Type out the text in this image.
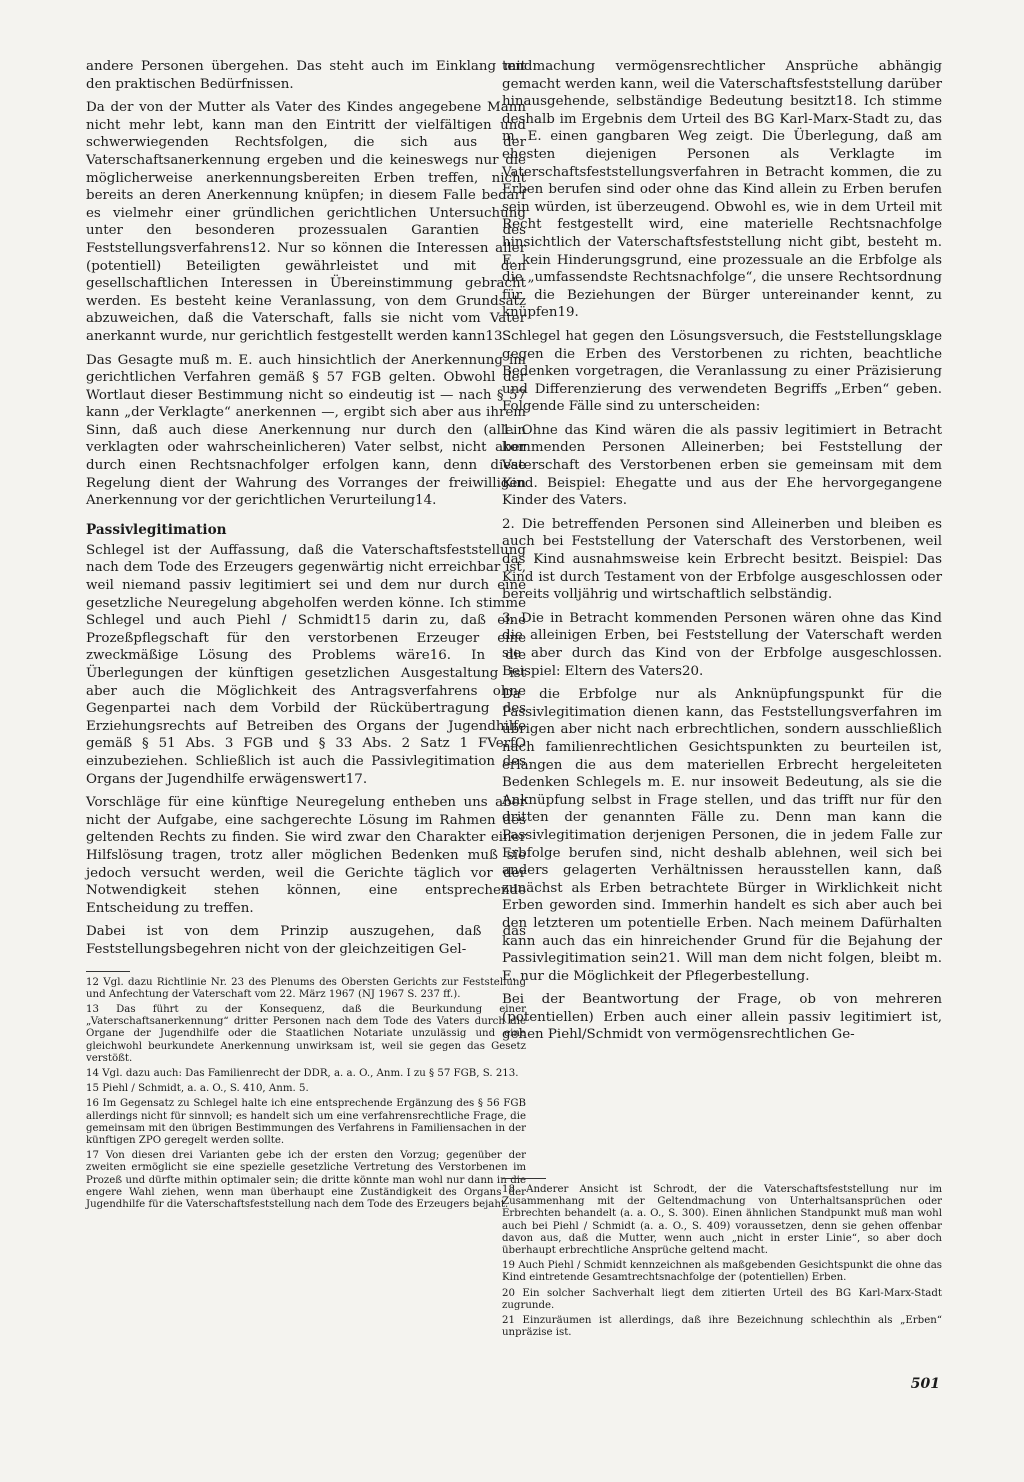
andere Personen übergehen. Das steht auch im Einklang mit den praktischen Bedürfnissen.

Da der von der Mutter als Vater des Kindes angegebene Mann nicht mehr lebt, kann man den Eintritt der vielfältigen und schwerwiegenden Rechtsfolgen, die sich aus der Vaterschaftsanerkennung ergeben und die keineswegs nur die möglicherweise anerkennungsbereiten Erben treffen, nicht bereits an deren Anerkennung knüpfen; in diesem Falle bedarf es vielmehr einer gründlichen gerichtlichen Untersuchung unter den besonderen prozessualen Garantien des Feststellungsverfahrens12. Nur so können die Interessen aller (potentiell) Beteiligten gewährleistet und mit den gesellschaftlichen Interessen in Übereinstimmung gebracht werden. Es besteht keine Veranlassung, von dem Grundsatz abzuweichen, daß die Vaterschaft, falls sie nicht vom Vater anerkannt wurde, nur gerichtlich festgestellt werden kann13.

Das Gesagte muß m. E. auch hinsichtlich der Anerkennung im gerichtlichen Verfahren gemäß § 57 FGB gelten. Obwohl der Wortlaut dieser Bestimmung nicht so eindeutig ist — nach § 57 kann „der Verklagte“ anerkennen —, ergibt sich aber aus ihrem Sinn, daß auch diese Anerkennung nur durch den (allein verklagten oder wahrscheinlicheren) Vater selbst, nicht aber durch einen Rechtsnachfolger erfolgen kann, denn diese Regelung dient der Wahrung des Vorranges der freiwilligen Anerkennung vor der gerichtlichen Verurteilung14.

Passivlegitimation

Schlegel ist der Auffassung, daß die Vaterschaftsfeststellung nach dem Tode des Erzeugers gegenwärtig nicht erreichbar ist, weil niemand passiv legitimiert sei und dem nur durch eine gesetzliche Neuregelung abgeholfen werden könne. Ich stimme Schlegel und auch Piehl / Schmidt15 darin zu, daß eine Prozeßpflegschaft für den verstorbenen Erzeuger eine zweckmäßige Lösung des Problems wäre16. In die Überlegungen der künftigen gesetzlichen Ausgestaltung ist aber auch die Möglichkeit des Antragsverfahrens ohne Gegenpartei nach dem Vorbild der Rückübertragung des Erziehungsrechts auf Betreiben des Organs der Jugendhilfe gemäß § 51 Abs. 3 FGB und § 33 Abs. 2 Satz 1 FVerfO einzubeziehen. Schließlich ist auch die Passivlegitimation des Organs der Jugendhilfe erwägenswert17.

Vorschläge für eine künftige Neuregelung entheben uns aber nicht der Aufgabe, eine sachgerechte Lösung im Rahmen des geltenden Rechts zu finden. Sie wird zwar den Charakter einer Hilfslösung tragen, trotz aller möglichen Bedenken muß sie jedoch versucht werden, weil die Gerichte täglich vor der Notwendigkeit stehen können, eine entsprechende Entscheidung zu treffen.

Dabei ist von dem Prinzip auszugehen, daß das Feststellungsbegehren nicht von der gleichzeitigen Gel-

12 Vgl. dazu Richtlinie Nr. 23 des Plenums des Obersten Gerichts zur Feststellung und Anfechtung der Vaterschaft vom 22. März 1967 (NJ 1967 S. 237 ff.).

13 Das führt zu der Konsequenz, daß die Beurkundung einer „Vaterschaftsanerkennung“ dritter Personen nach dem Tode des Vaters durch die Organe der Jugendhilfe oder die Staatlichen Notariate unzulässig und eine gleichwohl beurkundete Anerkennung unwirksam ist, weil sie gegen das Gesetz verstößt.

14 Vgl. dazu auch: Das Familienrecht der DDR, a. a. O., Anm. I zu § 57 FGB, S. 213.

15 Piehl / Schmidt, a. a. O., S. 410, Anm. 5.

16 Im Gegensatz zu Schlegel halte ich eine entsprechende Ergänzung des § 56 FGB allerdings nicht für sinnvoll; es handelt sich um eine verfahrensrechtliche Frage, die gemeinsam mit den übrigen Bestimmungen des Verfahrens in Familiensachen in der künftigen ZPO geregelt werden sollte.

17 Von diesen drei Varianten gebe ich der ersten den Vorzug; gegenüber der zweiten ermöglicht sie eine spezielle gesetzliche Vertretung des Verstorbenen im Prozeß und dürfte mithin optimaler sein; die dritte könnte man wohl nur dann in die engere Wahl ziehen, wenn man überhaupt eine Zuständigkeit des Organs der Jugendhilfe für die Vaterschaftsfeststellung nach dem Tode des Erzeugers bejaht.

tendmachung vermögensrechtlicher Ansprüche abhängig gemacht werden kann, weil die Vaterschaftsfeststellung darüber hinausgehende, selbständige Bedeutung besitzt18. Ich stimme deshalb im Ergebnis dem Urteil des BG Karl-Marx-Stadt zu, das m. E. einen gangbaren Weg zeigt. Die Überlegung, daß am ehesten diejenigen Personen als Verklagte im Vaterschaftsfeststellungsverfahren in Betracht kommen, die zu Erben berufen sind oder ohne das Kind allein zu Erben berufen sein würden, ist überzeugend. Obwohl es, wie in dem Urteil mit Recht festgestellt wird, eine materielle Rechtsnachfolge hinsichtlich der Vaterschaftsfeststellung nicht gibt, besteht m. E. kein Hinderungsgrund, eine prozessuale an die Erbfolge als die „umfassendste Rechtsnachfolge“, die unsere Rechtsordnung für die Beziehungen der Bürger untereinander kennt, zu knüpfen19.

Schlegel hat gegen den Lösungsversuch, die Feststellungsklage gegen die Erben des Verstorbenen zu richten, beachtliche Bedenken vorgetragen, die Veranlassung zu einer Präzisierung und Differenzierung des verwendeten Begriffs „Erben“ geben. Folgende Fälle sind zu unterscheiden:

1. Ohne das Kind wären die als passiv legitimiert in Betracht kommenden Personen Alleinerben; bei Feststellung der Vaterschaft des Verstorbenen erben sie gemeinsam mit dem Kind. Beispiel: Ehegatte und aus der Ehe hervorgegangene Kinder des Vaters.

2. Die betreffenden Personen sind Alleinerben und bleiben es auch bei Feststellung der Vaterschaft des Verstorbenen, weil das Kind ausnahmsweise kein Erbrecht besitzt. Beispiel: Das Kind ist durch Testament von der Erbfolge ausgeschlossen oder bereits volljährig und wirtschaftlich selbständig.

3. Die in Betracht kommenden Personen wären ohne das Kind die alleinigen Erben, bei Feststellung der Vaterschaft werden sie aber durch das Kind von der Erbfolge ausgeschlossen. Beispiel: Eltern des Vaters20.

Da die Erbfolge nur als Anknüpfungspunkt für die Passivlegitimation dienen kann, das Feststellungsverfahren im übrigen aber nicht nach erbrechtlichen, sondern ausschließlich nach familienrechtlichen Gesichtspunkten zu beurteilen ist, erlangen die aus dem materiellen Erbrecht hergeleiteten Bedenken Schlegels m. E. nur insoweit Bedeutung, als sie die Anknüpfung selbst in Frage stellen, und das trifft nur für den dritten der genannten Fälle zu. Denn man kann die Passivlegitimation derjenigen Personen, die in jedem Falle zur Erbfolge berufen sind, nicht deshalb ablehnen, weil sich bei anders gelagerten Verhältnissen herausstellen kann, daß zunächst als Erben betrachtete Bürger in Wirklichkeit nicht Erben geworden sind. Immerhin handelt es sich aber auch bei den letzteren um potentielle Erben. Nach meinem Dafürhalten kann auch das ein hinreichender Grund für die Bejahung der Passivlegitimation sein21. Will man dem nicht folgen, bleibt m. E. nur die Möglichkeit der Pflegerbestellung.

Bei der Beantwortung der Frage, ob von mehreren (potentiellen) Erben auch einer allein passiv legitimiert ist, gehen Piehl/Schmidt von vermögensrechtlichen Ge-

18 Anderer Ansicht ist Schrodt, der die Vaterschaftsfeststellung nur im Zusammenhang mit der Geltendmachung von Unterhaltsansprüchen oder Erbrechten behandelt (a. a. O., S. 300). Einen ähnlichen Standpunkt muß man wohl auch bei Piehl / Schmidt (a. a. O., S. 409) voraussetzen, denn sie gehen offenbar davon aus, daß die Mutter, wenn auch „nicht in erster Linie“, so aber doch überhaupt erbrechtliche Ansprüche geltend macht.

19 Auch Piehl / Schmidt kennzeichnen als maßgebenden Gesichtspunkt die ohne das Kind eintretende Gesamtrechtsnachfolge der (potentiellen) Erben.

20 Ein solcher Sachverhalt liegt dem zitierten Urteil des BG Karl-Marx-Stadt zugrunde.

21 Einzuräumen ist allerdings, daß ihre Bezeichnung schlechthin als „Erben“ unpräzise ist.

501
